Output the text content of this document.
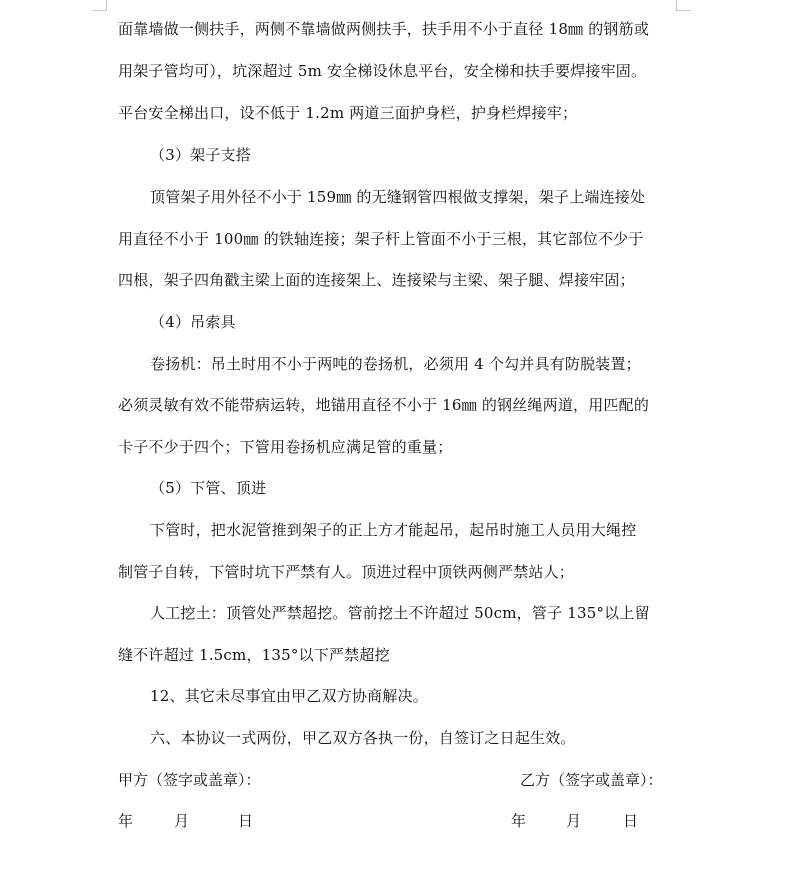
面靠墙做一侧扶手，两侧不靠墙做两侧扶手，扶手用不小于直径 18㎜ 的钢筋或
用架子管均可），坑深超过 5m 安全梯设休息平台，安全梯和扶手要焊接牢固。
平台安全梯出口，设不低于 1.2m 两道三面护身栏，护身栏焊接牢；
（3）架子支搭
顶管架子用外径不小于 159㎜ 的无缝钢管四根做支撑架，架子上端连接处
用直径不小于 100㎜ 的铁轴连接；架子杆上管面不小于三根，其它部位不少于
四根，架子四角戳主梁上面的连接架上、连接梁与主梁、架子腿、焊接牢固；
（4）吊索具
卷扬机：吊土时用不小于两吨的卷扬机，必须用 4 个勾并具有防脱装置；
必须灵敏有效不能带病运转，地锚用直径不小于 16㎜ 的钢丝绳两道，用匹配的
卡子不少于四个；下管用卷扬机应满足管的重量；
（5）下管、顶进
下管时，把水泥管推到架子的正上方才能起吊，起吊时施工人员用大绳控
制管子自转，下管时坑下严禁有人。顶进过程中顶铁两侧严禁站人；
人工挖土：顶管处严禁超挖。管前挖土不许超过 50cm，管子 135°以上留
缝不许超过 1.5cm，135°以下严禁超挖
12、其它未尽事宜由甲乙双方协商解决。
六、本协议一式两份，甲乙双方各执一份，自签订之日起生效。
甲方（签字或盖章）：	乙方（签字或盖章）：
年	月	日	年	月	日
